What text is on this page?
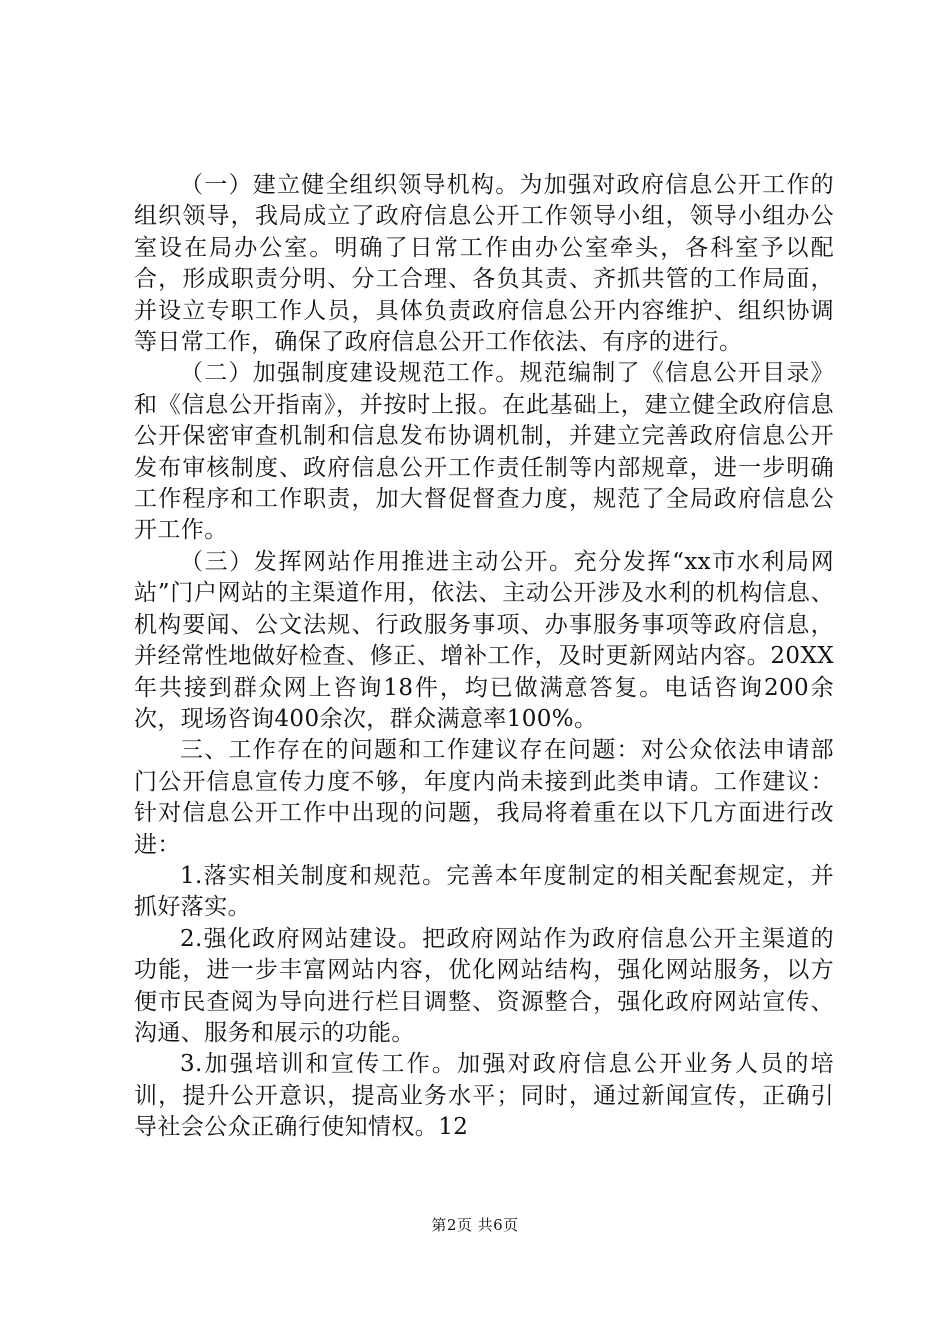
（一）建立健全组织领导机构。为加强对政府信息公开工作的组织领导，我局成立了政府信息公开工作领导小组，领导小组办公室设在局办公室。明确了日常工作由办公室牵头，各科室予以配合，形成职责分明、分工合理、各负其责、齐抓共管的工作局面，并设立专职工作人员，具体负责政府信息公开内容维护、组织协调等日常工作，确保了政府信息公开工作依法、有序的进行。

（二）加强制度建设规范工作。规范编制了《信息公开目录》和《信息公开指南》，并按时上报。在此基础上，建立健全政府信息公开保密审查机制和信息发布协调机制，并建立完善政府信息公开发布审核制度、政府信息公开工作责任制等内部规章，进一步明确工作程序和工作职责，加大督促督查力度，规范了全局政府信息公开工作。

（三）发挥网站作用推进主动公开。充分发挥“xx市水利局网站”门户网站的主渠道作用，依法、主动公开涉及水利的机构信息、机构要闻、公文法规、行政服务事项、办事服务事项等政府信息，并经常性地做好检查、修正、增补工作，及时更新网站内容。20XX年共接到群众网上咨询18件，均已做满意答复。电话咨询200余次，现场咨询400余次，群众满意率100%。

三、工作存在的问题和工作建议存在问题：对公众依法申请部门公开信息宣传力度不够，年度内尚未接到此类申请。工作建议：针对信息公开工作中出现的问题，我局将着重在以下几方面进行改进：

1.落实相关制度和规范。完善本年度制定的相关配套规定，并抓好落实。

2.强化政府网站建设。把政府网站作为政府信息公开主渠道的功能，进一步丰富网站内容，优化网站结构，强化网站服务，以方便市民查阅为导向进行栏目调整、资源整合，强化政府网站宣传、沟通、服务和展示的功能。

3.加强培训和宣传工作。加强对政府信息公开业务人员的培训，提升公开意识，提高业务水平；同时，通过新闻宣传，正确引导社会公众正确行使知情权。12

第2页 共6页
